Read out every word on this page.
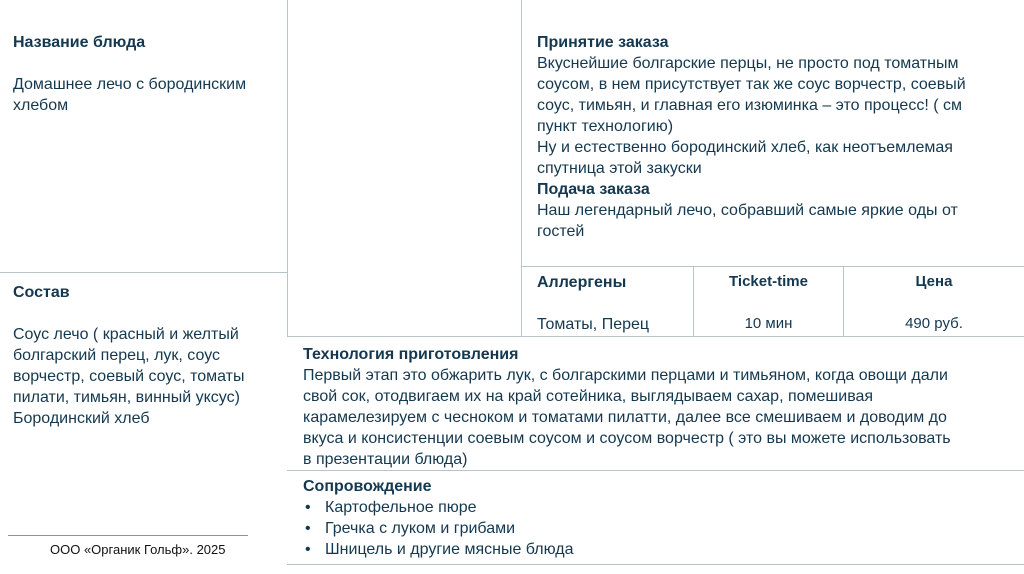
Название блюда

Домашнее лечо с бородинским

хлебом

Принятие заказа

Вкуснейшие болгарские перцы, не просто под томатным

соусом, в нем присутствует так же соус ворчестр, соевый

соус, тимьян, и главная его изюминка – это процесс! ( см

пункт технологию)

Ну и естественно бородинский хлеб, как неотъемлемая

спутница этой закуски

Подача заказа

Наш легендарный лечо, собравший самые яркие оды от

гостей

Аллергены
Томаты, Перец
Ticket-time
10 мин
Цена
490 руб.

Состав

Соус лечо ( красный и желтый

болгарский перец, лук, соус

ворчестр, соевый соус, томаты

пилати, тимьян, винный уксус)

Бородинский хлеб

Технология приготовления

Первый этап это обжарить лук, с болгарскими перцами и тимьяном, когда овощи дали

свой сок, отодвигаем их на край сотейника, выглядываем сахар, помешивая

карамелезируем с чесноком и томатами пилатти, далее все смешиваем и доводим до

вкуса и консистенции соевым соусом и соусом ворчестр ( это вы можете использовать

в презентации блюда)

Сопровождение

• Картофельное пюре
• Гречка с луком и грибами
• Шницель и другие мясные блюда
ООО «Органик Гольф». 2025
